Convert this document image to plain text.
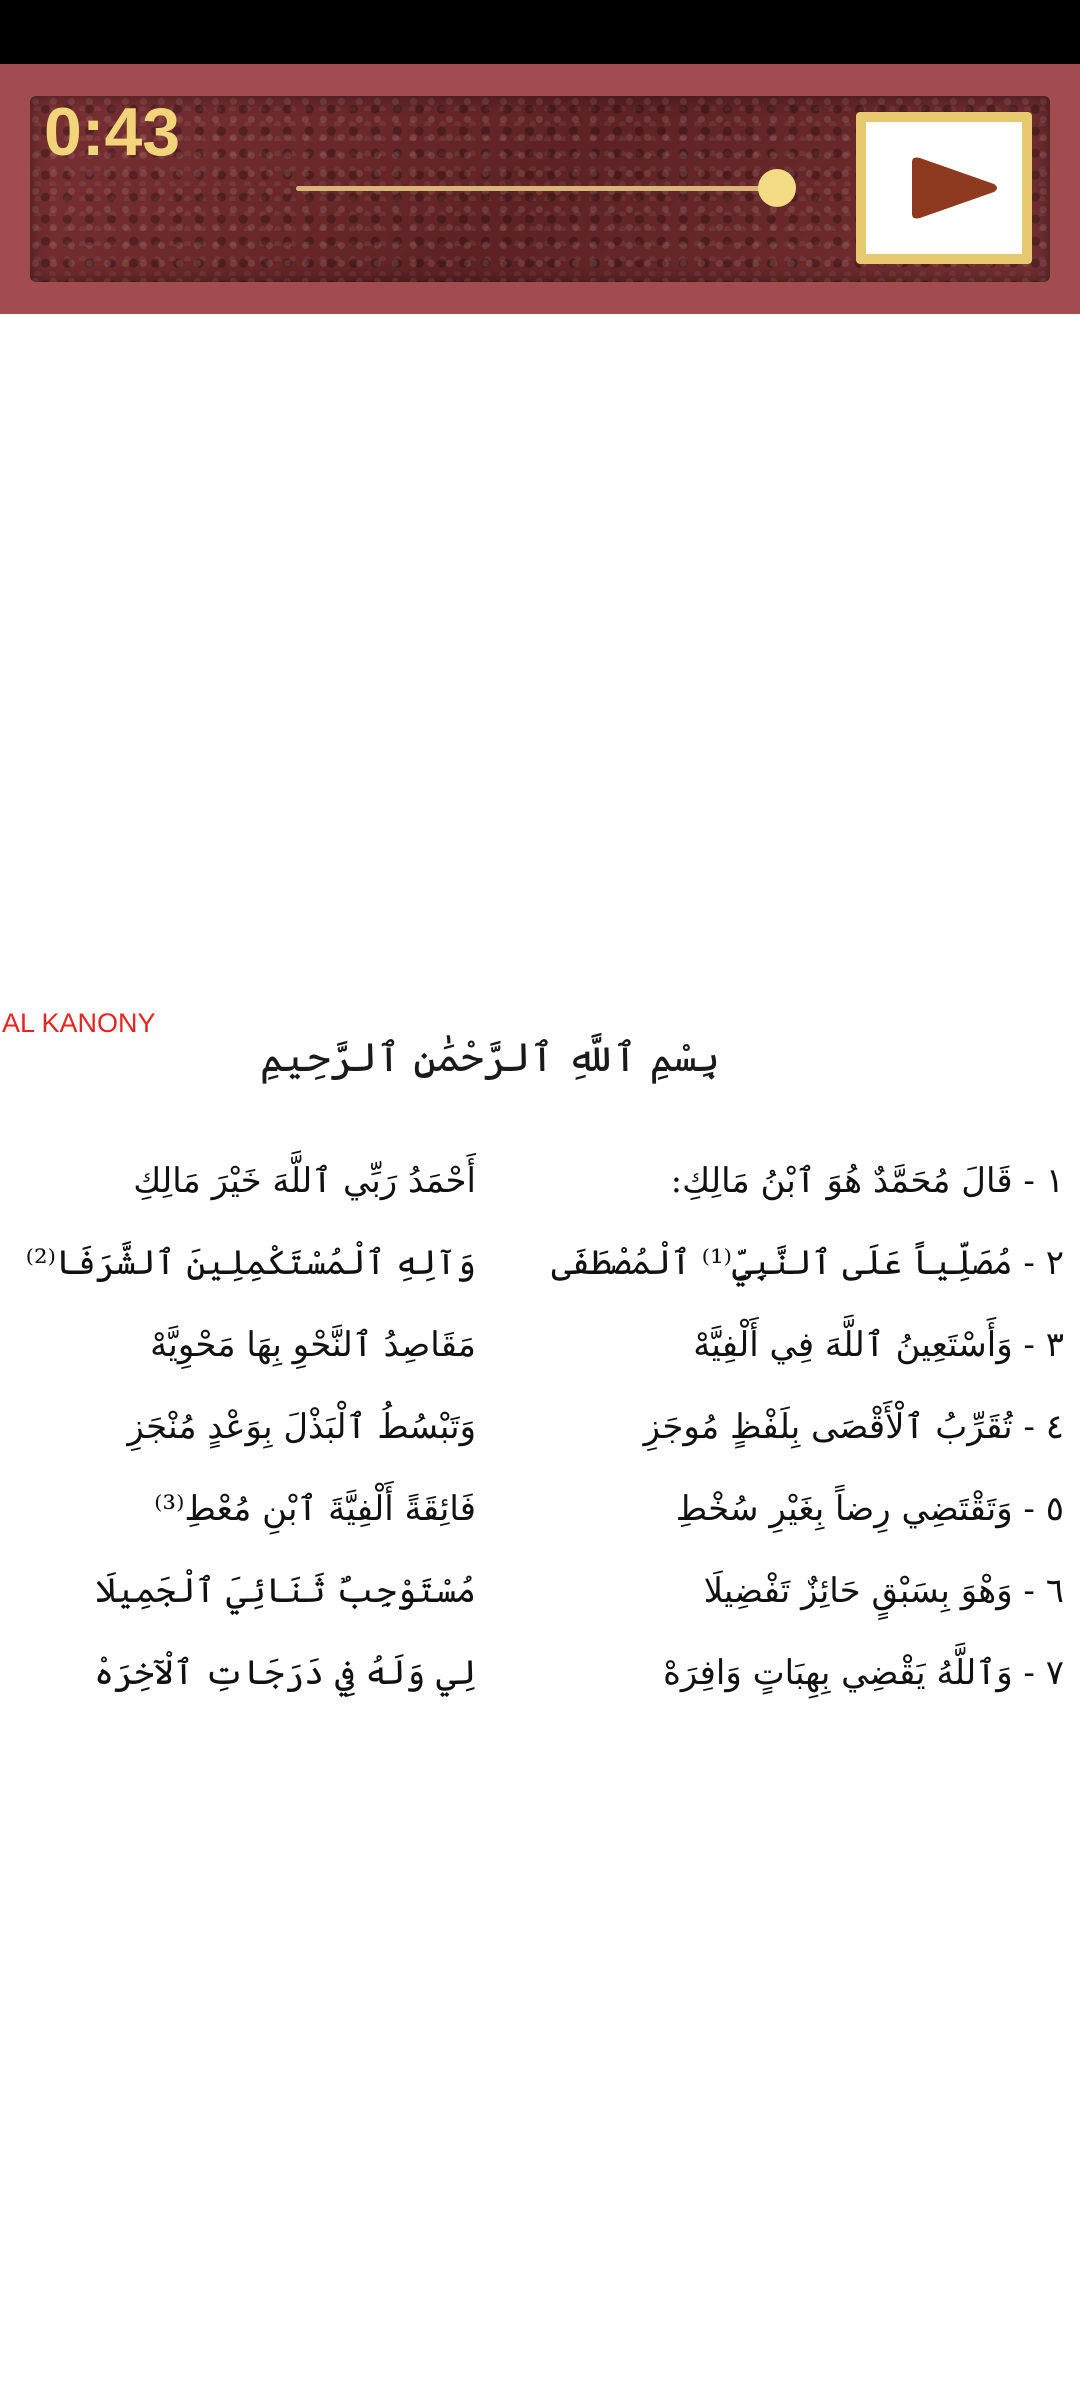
0:43
AL KANONY
بِسْمِ ٱللَّهِ ٱلرَّحْمَٰنِ ٱلرَّحِيمِ
١ - قَالَ مُحَمَّدٌ هُوَ ٱبْنُ مَالِكِ:
أَحْمَدُ رَبِّي ٱللَّهَ خَيْرَ مَالِكِ
٢ - مُصَلِّياً عَلَى ٱلنَّبِيِّ⁽¹⁾ ٱلْمُصْطَفَى
وَآلِهِ ٱلْمُسْتَكْمِلِينَ ٱلشَّرَفَا⁽²⁾
٣ - وَأَسْتَعِينُ ٱللَّهَ فِي أَلْفِيَّهْ
مَقَاصِدُ ٱلنَّحْوِ بِهَا مَحْوِيَّهْ
٤ - تُقَرِّبُ ٱلْأَقْصَى بِلَفْظٍ مُوجَزِ
وَتَبْسُطُ ٱلْبَذْلَ بِوَعْدٍ مُنْجَزِ
٥ - وَتَقْتَضِي رِضاً بِغَيْرِ سُخْطِ
فَائِقَةً أَلْفِيَّةَ ٱبْنِ مُعْطِ⁽³⁾
٦ - وَهْوَ بِسَبْقٍ حَائِزٌ تَفْضِيلَا
مُسْتَوْجِبٌ ثَنَائِيَ ٱلْجَمِيلَا
٧ - وَٱللَّهُ يَقْضِي بِهِبَاتٍ وَافِرَهْ
لِي وَلَهُ فِي دَرَجَاتِ ٱلْآخِرَهْ
